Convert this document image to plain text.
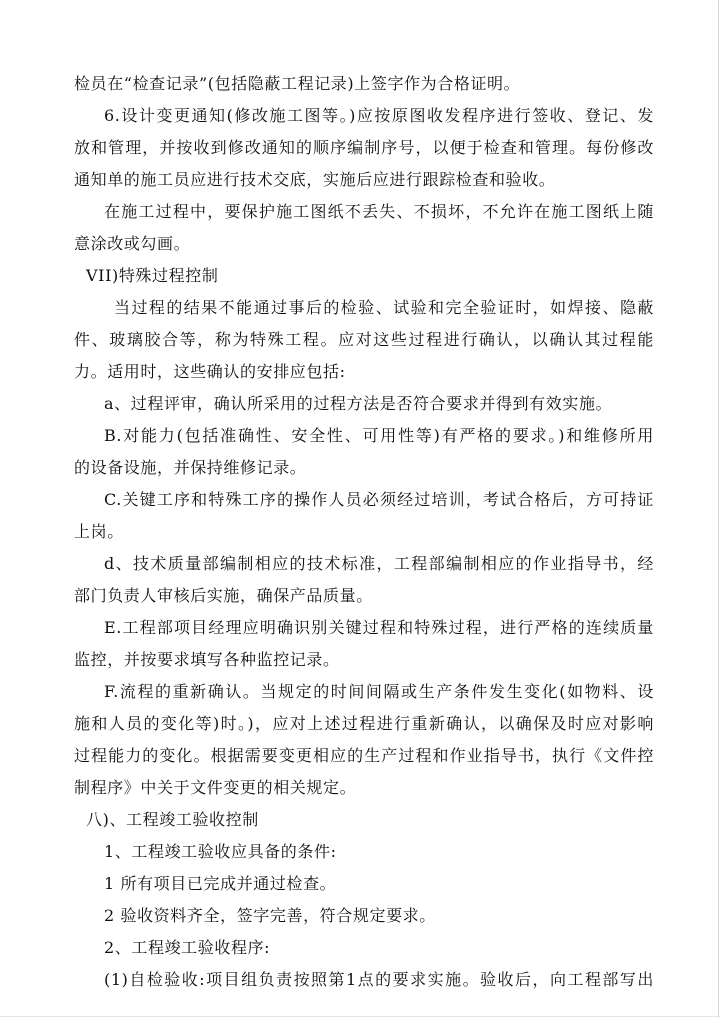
检员在“检查记录”(包括隐蔽工程记录)上签字作为合格证明。
6.设计变更通知(修改施工图等。)应按原图收发程序进行签收、登记、发
放和管理，并按收到修改通知的顺序编制序号，以便于检查和管理。每份修改
通知单的施工员应进行技术交底，实施后应进行跟踪检查和验收。
在施工过程中，要保护施工图纸不丢失、不损坏，不允许在施工图纸上随
意涂改或勾画。
VII)特殊过程控制
当过程的结果不能通过事后的检验、试验和完全验证时，如焊接、隐蔽
件、玻璃胶合等，称为特殊工程。应对这些过程进行确认，以确认其过程能
力。适用时，这些确认的安排应包括:
a、过程评审，确认所采用的过程方法是否符合要求并得到有效实施。
B.对能力(包括准确性、安全性、可用性等)有严格的要求。)和维修所用
的设备设施，并保持维修记录。
C.关键工序和特殊工序的操作人员必须经过培训，考试合格后，方可持证
上岗。
d、技术质量部编制相应的技术标准，工程部编制相应的作业指导书，经
部门负责人审核后实施，确保产品质量。
E.工程部项目经理应明确识别关键过程和特殊过程，进行严格的连续质量
监控，并按要求填写各种监控记录。
F.流程的重新确认。当规定的时间间隔或生产条件发生变化(如物料、设
施和人员的变化等)时。)，应对上述过程进行重新确认，以确保及时应对影响
过程能力的变化。根据需要变更相应的生产过程和作业指导书，执行《文件控
制程序》中关于文件变更的相关规定。
八)、工程竣工验收控制
1、工程竣工验收应具备的条件:
1 所有项目已完成并通过检查。
2 验收资料齐全，签字完善，符合规定要求。
2、工程竣工验收程序:
(1)自检验收:项目组负责按照第1点的要求实施。验收后，向工程部写出
